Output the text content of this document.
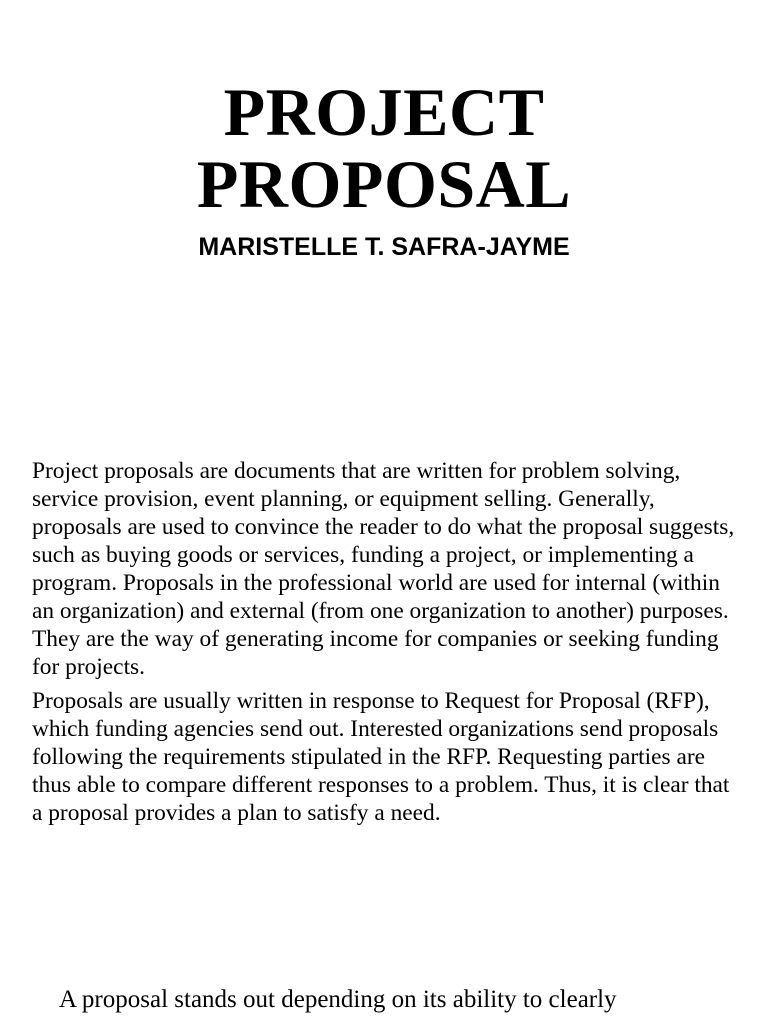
PROJECT
PROPOSAL
MARISTELLE T. SAFRA-JAYME

Project proposals are documents that are written for problem solving, service provision, event planning, or equipment selling. Generally, proposals are used to convince the reader to do what the proposal suggests, such as buying goods or services, funding a project, or implementing a program. Proposals in the professional world are used for internal (within an organization) and external (from one organization to another) purposes. They are the way of generating income for companies or seeking funding for projects.

Proposals are usually written in response to Request for Proposal (RFP), which funding agencies send out. Interested organizations send proposals following the requirements stipulated in the RFP. Requesting parties are thus able to compare different responses to a problem. Thus, it is clear that a proposal provides a plan to satisfy a need.

A proposal stands out depending on its ability to clearly
